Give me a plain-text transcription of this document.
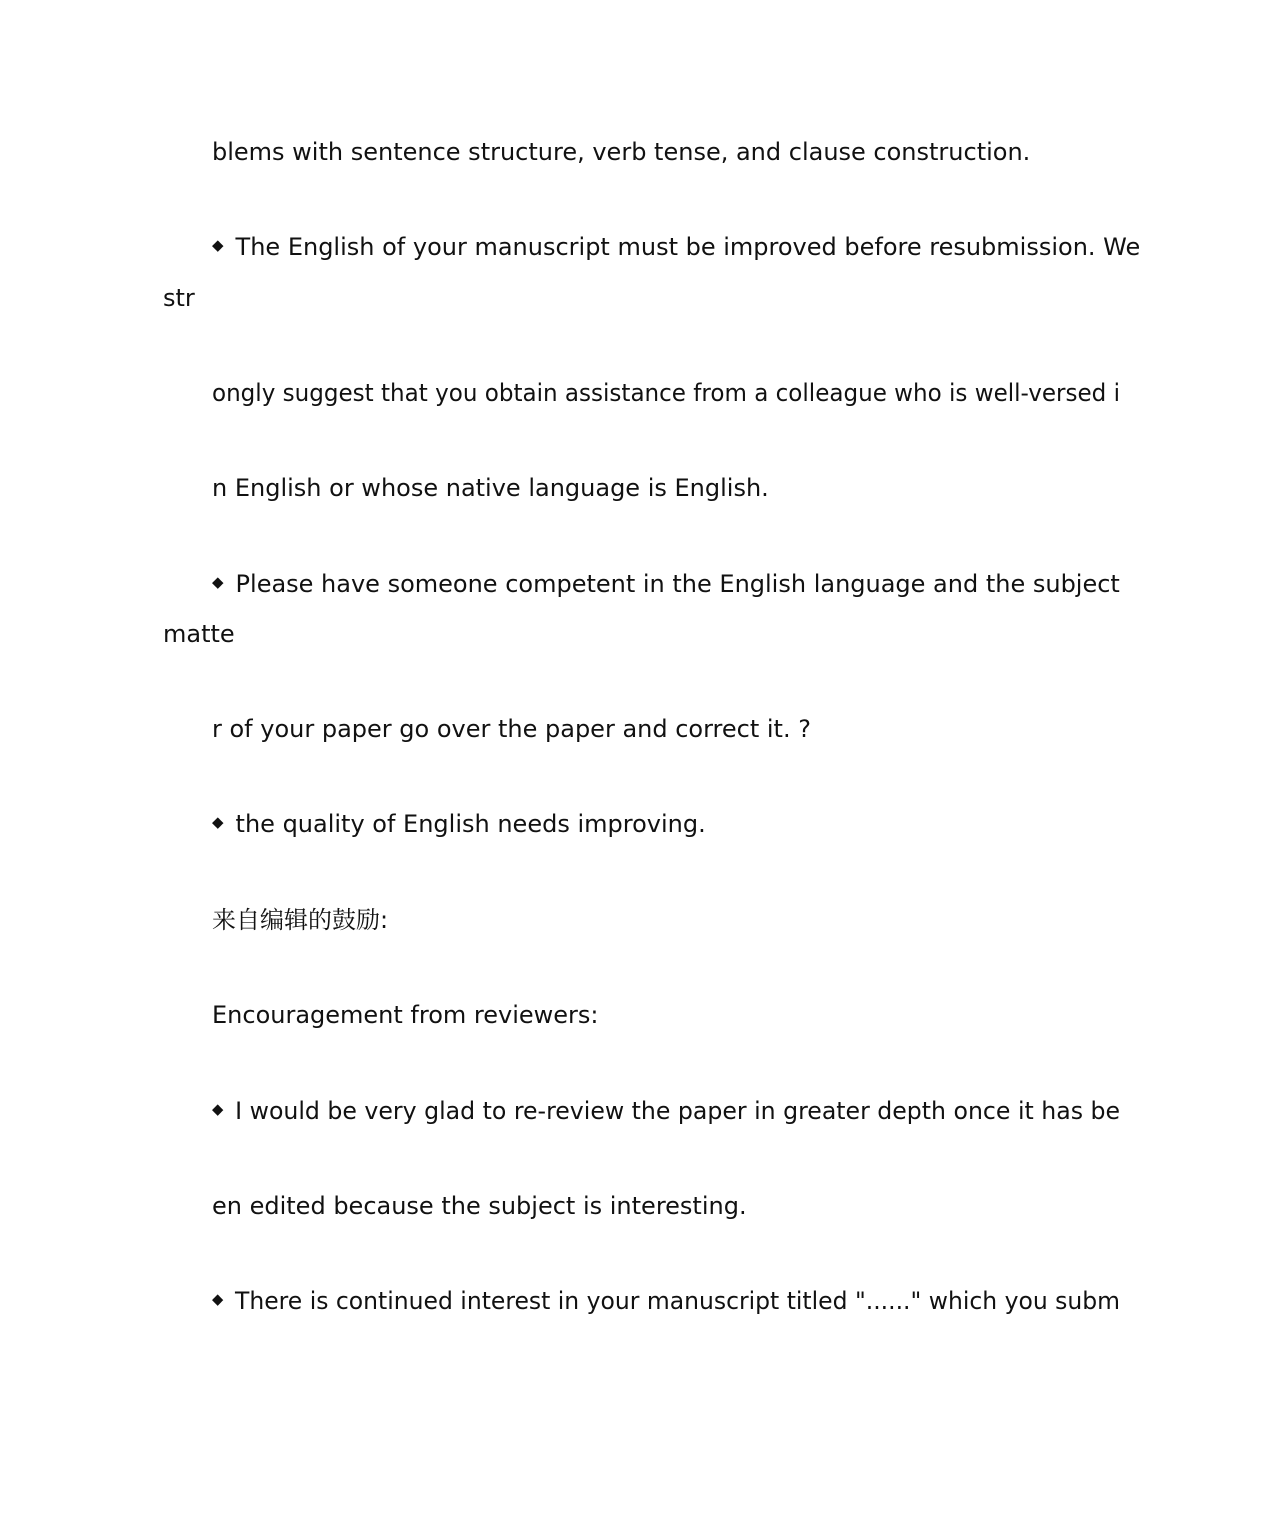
blems with sentence structure, verb tense, and clause construction.

◆ The English of your manuscript must be improved before resubmission. We

str

ongly suggest that you obtain assistance from a colleague who is well-versed i

n English or whose native language is English.

◆ Please have someone competent in the English language and the subject

matte

r of your paper go over the paper and correct it. ?

◆ the quality of English needs improving.

来自编辑的鼓励:

Encouragement from reviewers:

◆ I would be very glad to re-review the paper in greater depth once it has be

en edited because the subject is interesting.

◆ There is continued interest in your manuscript titled "......" which you subm
